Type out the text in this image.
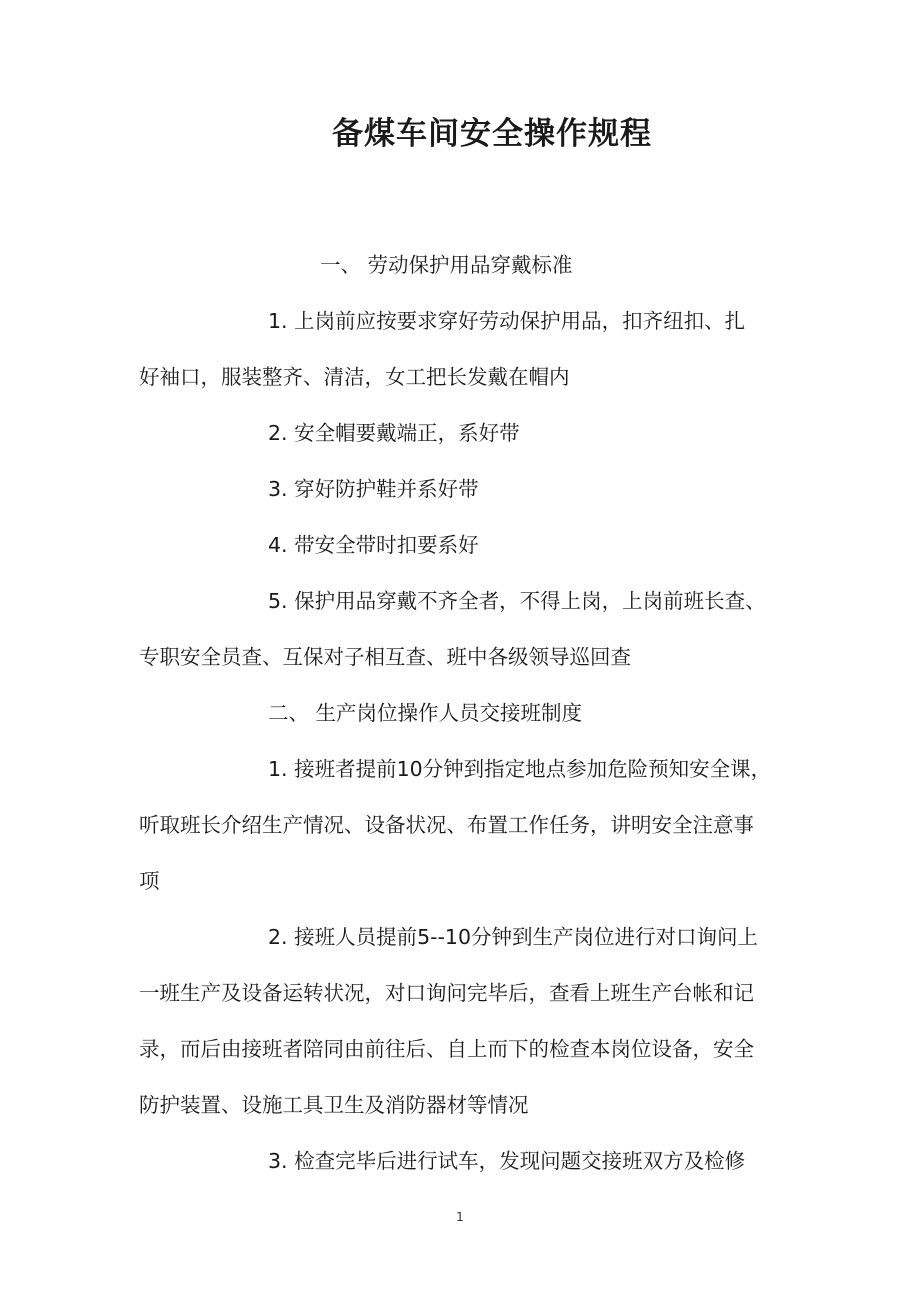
备煤车间安全操作规程
一、 劳动保护用品穿戴标准
1. 上岗前应按要求穿好劳动保护用品，扣齐纽扣、扎
好袖口，服装整齐、清洁，女工把长发戴在帽内
2. 安全帽要戴端正，系好带
3. 穿好防护鞋并系好带
4. 带安全带时扣要系好
5. 保护用品穿戴不齐全者，不得上岗，上岗前班长查、
专职安全员查、互保对子相互查、班中各级领导巡回查
二、 生产岗位操作人员交接班制度
1. 接班者提前10分钟到指定地点参加危险预知安全课，
听取班长介绍生产情况、设备状况、布置工作任务，讲明安全注意事
项
2. 接班人员提前5--10分钟到生产岗位进行对口询问上
一班生产及设备运转状况，对口询问完毕后，查看上班生产台帐和记
录，而后由接班者陪同由前往后、自上而下的检查本岗位设备，安全
防护装置、设施工具卫生及消防器材等情况
3. 检查完毕后进行试车，发现问题交接班双方及检修
1
